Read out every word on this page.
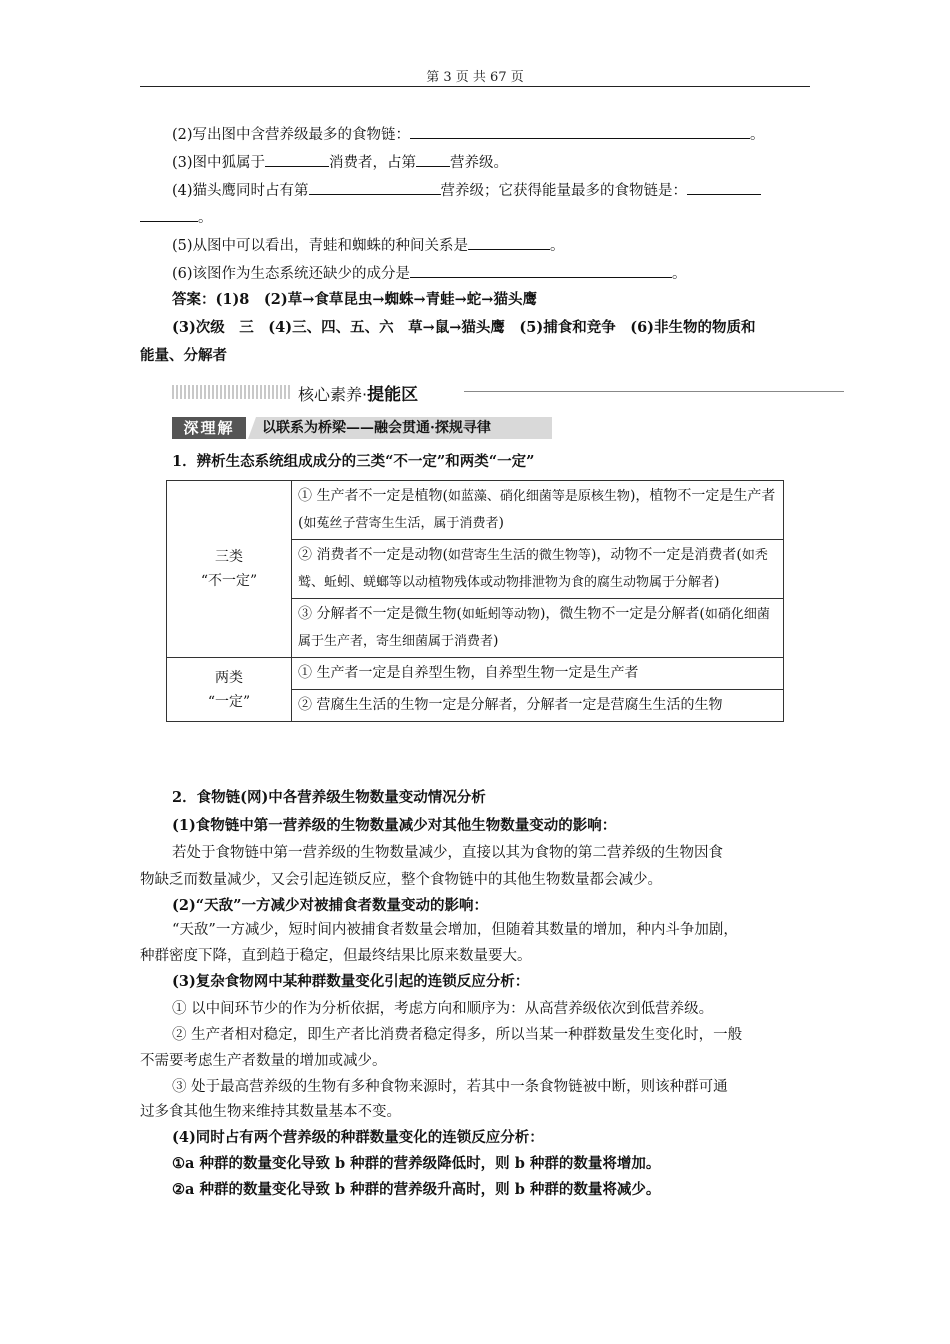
第 3 页 共 67 页
(2)写出图中含营养级最多的食物链：	。
(3)图中狐属于	消费者，占第 营养级。
(4)猫头鹰同时占有第	营养级；它获得能量最多的食物链是：
。
(5)从图中可以看出，青蛙和蜘蛛的种间关系是	。
(6)该图作为生态系统还缺少的成分是	。
答案：(1)8　(2)草→食草昆虫→蜘蛛→青蛙→蛇→猫头鹰
(3)次级　三　(4)三、四、五、六　草→鼠→猫头鹰　(5)捕食和竞争　(6)非生物的物质和
能量、分解者
核心素养·提能区
以联系为桥梁——融会贯通·探规寻律
深理解
1．辨析生态系统组成成分的三类“不一定”和两类“一定”
三类
“不一定”	① 生产者不一定是植物(如蓝藻、硝化细菌等是原核生物)，植物不一定是生产者(如菟丝子营寄生生活，属于消费者)
	② 消费者不一定是动物(如营寄生生活的微生物等)，动物不一定是消费者(如秃鹫、蚯蚓、蜣螂等以动植物残体或动物排泄物为食的腐生动物属于分解者)
	③ 分解者不一定是微生物(如蚯蚓等动物)，微生物不一定是分解者(如硝化细菌属于生产者，寄生细菌属于消费者)

两类
“一定”	① 生产者一定是自养型生物，自养型生物一定是生产者
	② 营腐生生活的生物一定是分解者，分解者一定是营腐生生活的生物
2．食物链(网)中各营养级生物数量变动情况分析
(1)食物链中第一营养级的生物数量减少对其他生物数量变动的影响：
若处于食物链中第一营养级的生物数量减少，直接以其为食物的第二营养级的生物因食
物缺乏而数量减少，又会引起连锁反应，整个食物链中的其他生物数量都会减少。
(2)“天敌”一方减少对被捕食者数量变动的影响：
“天敌”一方减少，短时间内被捕食者数量会增加，但随着其数量的增加，种内斗争加剧，
种群密度下降，直到趋于稳定，但最终结果比原来数量要大。
(3)复杂食物网中某种群数量变化引起的连锁反应分析：
① 以中间环节少的作为分析依据，考虑方向和顺序为：从高营养级依次到低营养级。
② 生产者相对稳定，即生产者比消费者稳定得多，所以当某一种群数量发生变化时，一般
不需要考虑生产者数量的增加或减少。
③ 处于最高营养级的生物有多种食物来源时，若其中一条食物链被中断，则该种群可通
过多食其他生物来维持其数量基本不变。
(4)同时占有两个营养级的种群数量变化的连锁反应分析：
①a 种群的数量变化导致 b 种群的营养级降低时，则 b 种群的数量将增加。
②a 种群的数量变化导致 b 种群的营养级升高时，则 b 种群的数量将减少。
